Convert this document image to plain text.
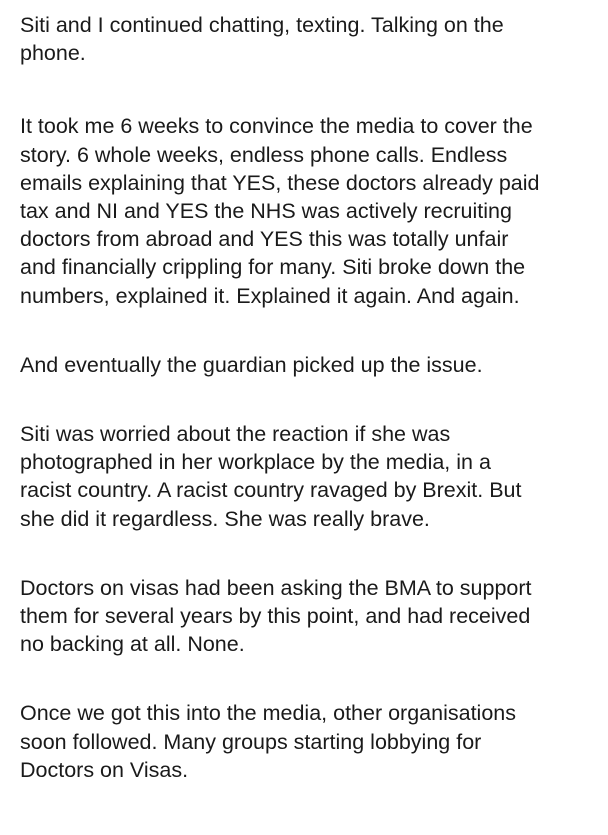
Siti and I continued chatting, texting. Talking on the
phone.

It took me 6 weeks to convince the media to cover the
story. 6 whole weeks, endless phone calls. Endless
emails explaining that YES, these doctors already paid
tax and NI and YES the NHS was actively recruiting
doctors from abroad and YES this was totally unfair
and financially crippling for many. Siti broke down the
numbers, explained it. Explained it again. And again.

And eventually the guardian picked up the issue.

Siti was worried about the reaction if she was
photographed in her workplace by the media, in a
racist country. A racist country ravaged by Brexit. But
she did it regardless. She was really brave.

Doctors on visas had been asking the BMA to support
them for several years by this point, and had received
no backing at all. None.

Once we got this into the media, other organisations
soon followed. Many groups starting lobbying for
Doctors on Visas.
